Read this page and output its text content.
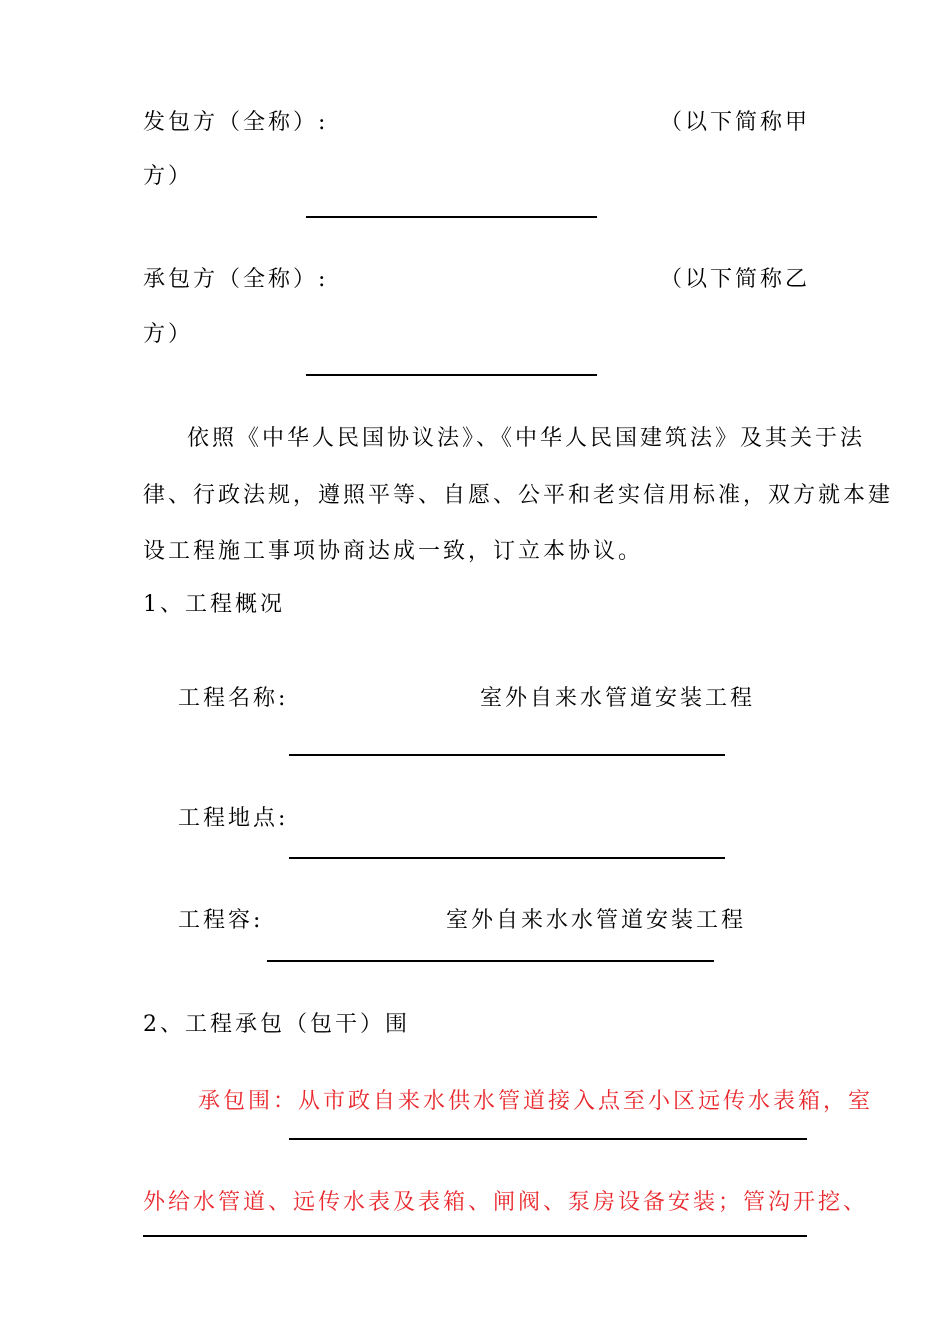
发包方（全称）:	（以下简称甲
方）
承包方（全称）:	（以下简称乙
方）
依照《中华人民国协议法》、《中华人民国建筑法》及其关于法
律、行政法规，遵照平等、自愿、公平和老实信用标准，双方就本建
设工程施工事项协商达成一致，订立本协议。
1、工程概况
工程名称:	室外自来水管道安装工程
工程地点:
工程容:	室外自来水水管道安装工程
2、工程承包（包干）围
承包围：从市政自来水供水管道接入点至小区远传水表箱，室
外给水管道、远传水表及表箱、闸阀、泵房设备安装；管沟开挖、
